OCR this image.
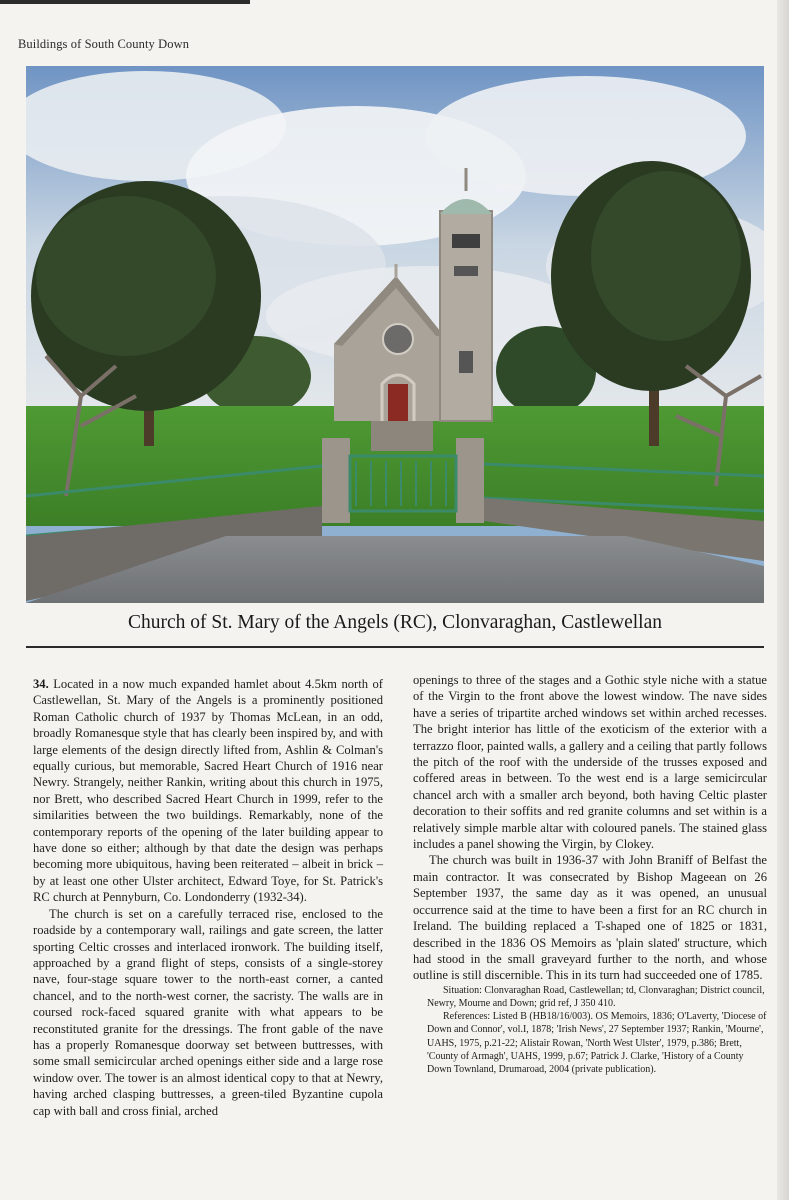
Buildings of South County Down
Church of St. Mary of the Angels (RC), Clonvaraghan, Castlewellan

34. Located in a now much expanded hamlet about 4.5km north of Castlewellan, St. Mary of the Angels is a prominently positioned Roman Catholic church of 1937 by Thomas McLean, in an odd, broadly Romanesque style that has clearly been inspired by, and with large elements of the design directly lifted from, Ashlin & Colman's equally curious, but memorable, Sacred Heart Church of 1916 near Newry. Strangely, neither Rankin, writing about this church in 1975, nor Brett, who described Sacred Heart Church in 1999, refer to the similarities between the two buildings. Remarkably, none of the contemporary reports of the opening of the later building appear to have done so either; although by that date the design was perhaps becoming more ubiquitous, having been reiterated – albeit in brick – by at least one other Ulster architect, Edward Toye, for St. Patrick's RC church at Pennyburn, Co. Londonderry (1932-34).

The church is set on a carefully terraced rise, enclosed to the roadside by a contemporary wall, railings and gate screen, the latter sporting Celtic crosses and interlaced ironwork. The building itself, approached by a grand flight of steps, consists of a single-storey nave, four-stage square tower to the north-east corner, a canted chancel, and to the north-west corner, the sacristy. The walls are in coursed rock-faced squared granite with what appears to be reconstituted granite for the dressings. The front gable of the nave has a properly Romanesque doorway set between buttresses, with some small semicircular arched openings either side and a large rose window over. The tower is an almost identical copy to that at Newry, having arched clasping buttresses, a green-tiled Byzantine cupola cap with ball and cross finial, arched

openings to three of the stages and a Gothic style niche with a statue of the Virgin to the front above the lowest window. The nave sides have a series of tripartite arched windows set within arched recesses. The bright interior has little of the exoticism of the exterior with a terrazzo floor, painted walls, a gallery and a ceiling that partly follows the pitch of the roof with the underside of the trusses exposed and coffered areas in between. To the west end is a large semicircular chancel arch with a smaller arch beyond, both having Celtic plaster decoration to their soffits and red granite columns and set within is a relatively simple marble altar with coloured panels. The stained glass includes a panel showing the Virgin, by Clokey.

The church was built in 1936-37 with John Braniff of Belfast the main contractor. It was consecrated by Bishop Mageean on 26 September 1937, the same day as it was opened, an unusual occurrence said at the time to have been a first for an RC church in Ireland. The building replaced a T-shaped one of 1825 or 1831, described in the 1836 OS Memoirs as 'plain slated' structure, which had stood in the small graveyard further to the north, and whose outline is still discernible. This in its turn had succeeded one of 1785.

Situation: Clonvaraghan Road, Castlewellan; td, Clonvaraghan; District council, Newry, Mourne and Down; grid ref, J 350 410.

References: Listed B (HB18/16/003). OS Memoirs, 1836; O'Laverty, 'Diocese of Down and Connor', vol.I, 1878; 'Irish News', 27 September 1937; Rankin, 'Mourne', UAHS, 1975, p.21-22; Alistair Rowan, 'North West Ulster', 1979, p.386; Brett, 'County of Armagh', UAHS, 1999, p.67; Patrick J. Clarke, 'History of a County Down Townland, Drumaroad, 2004 (private publication).
